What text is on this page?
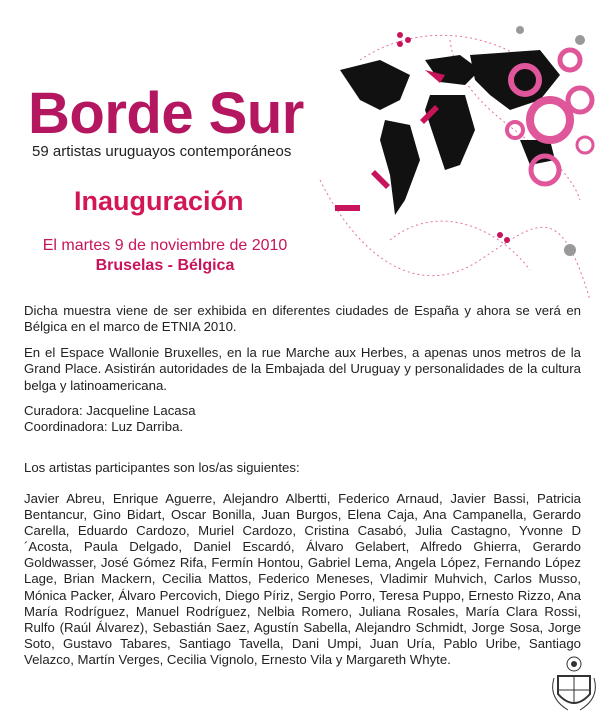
Borde Sur
59 artistas uruguayos contemporáneos
Inauguración
El martes 9 de noviembre de 2010
Bruselas - Bélgica

Dicha muestra viene de ser exhibida en diferentes ciudades de España y ahora se verá en Bélgica en el marco de ETNIA 2010.

En el Espace Wallonie Bruxelles, en la rue Marche aux Herbes, a apenas unos metros de la Grand Place. Asistirán autoridades de la Embajada del Uruguay y personalidades de la cultura belga y latinoamericana.

Curadora: Jacqueline Lacasa

Coordinadora: Luz Darriba.

Los artistas participantes son los/as siguientes:

Javier Abreu, Enrique Aguerre, Alejandro Albertti, Federico Arnaud, Javier Bassi, Patricia Bentancur, Gino Bidart, Oscar Bonilla, Juan Burgos, Elena Caja, Ana Campanella, Gerardo Carella, Eduardo Cardozo, Muriel Cardozo, Cristina Casabó, Julia Castagno, Yvonne D´Acosta, Paula Delgado, Daniel Escardó, Álvaro Gelabert, Alfredo Ghierra, Gerardo Goldwasser, José Gómez Rifa, Fermín Hontou, Gabriel Lema, Angela López, Fernando López Lage, Brian Mackern, Cecilia Mattos, Federico Meneses, Vladimir Muhvich, Carlos Musso, Mónica Packer, Álvaro Percovich, Diego Píriz, Sergio Porro, Teresa Puppo, Ernesto Rizzo, Ana María Rodríguez, Manuel Rodríguez, Nelbia Romero, Juliana Rosales, María Clara Rossi, Rulfo (Raúl Álvarez), Sebastián Saez, Agustín Sabella, Alejandro Schmidt, Jorge Sosa, Jorge Soto, Gustavo Tabares, Santiago Tavella, Dani Umpi, Juan Uría, Pablo Uribe, Santiago Velazco, Martín Verges, Cecilia Vignolo, Ernesto Vila y Margareth Whyte.
